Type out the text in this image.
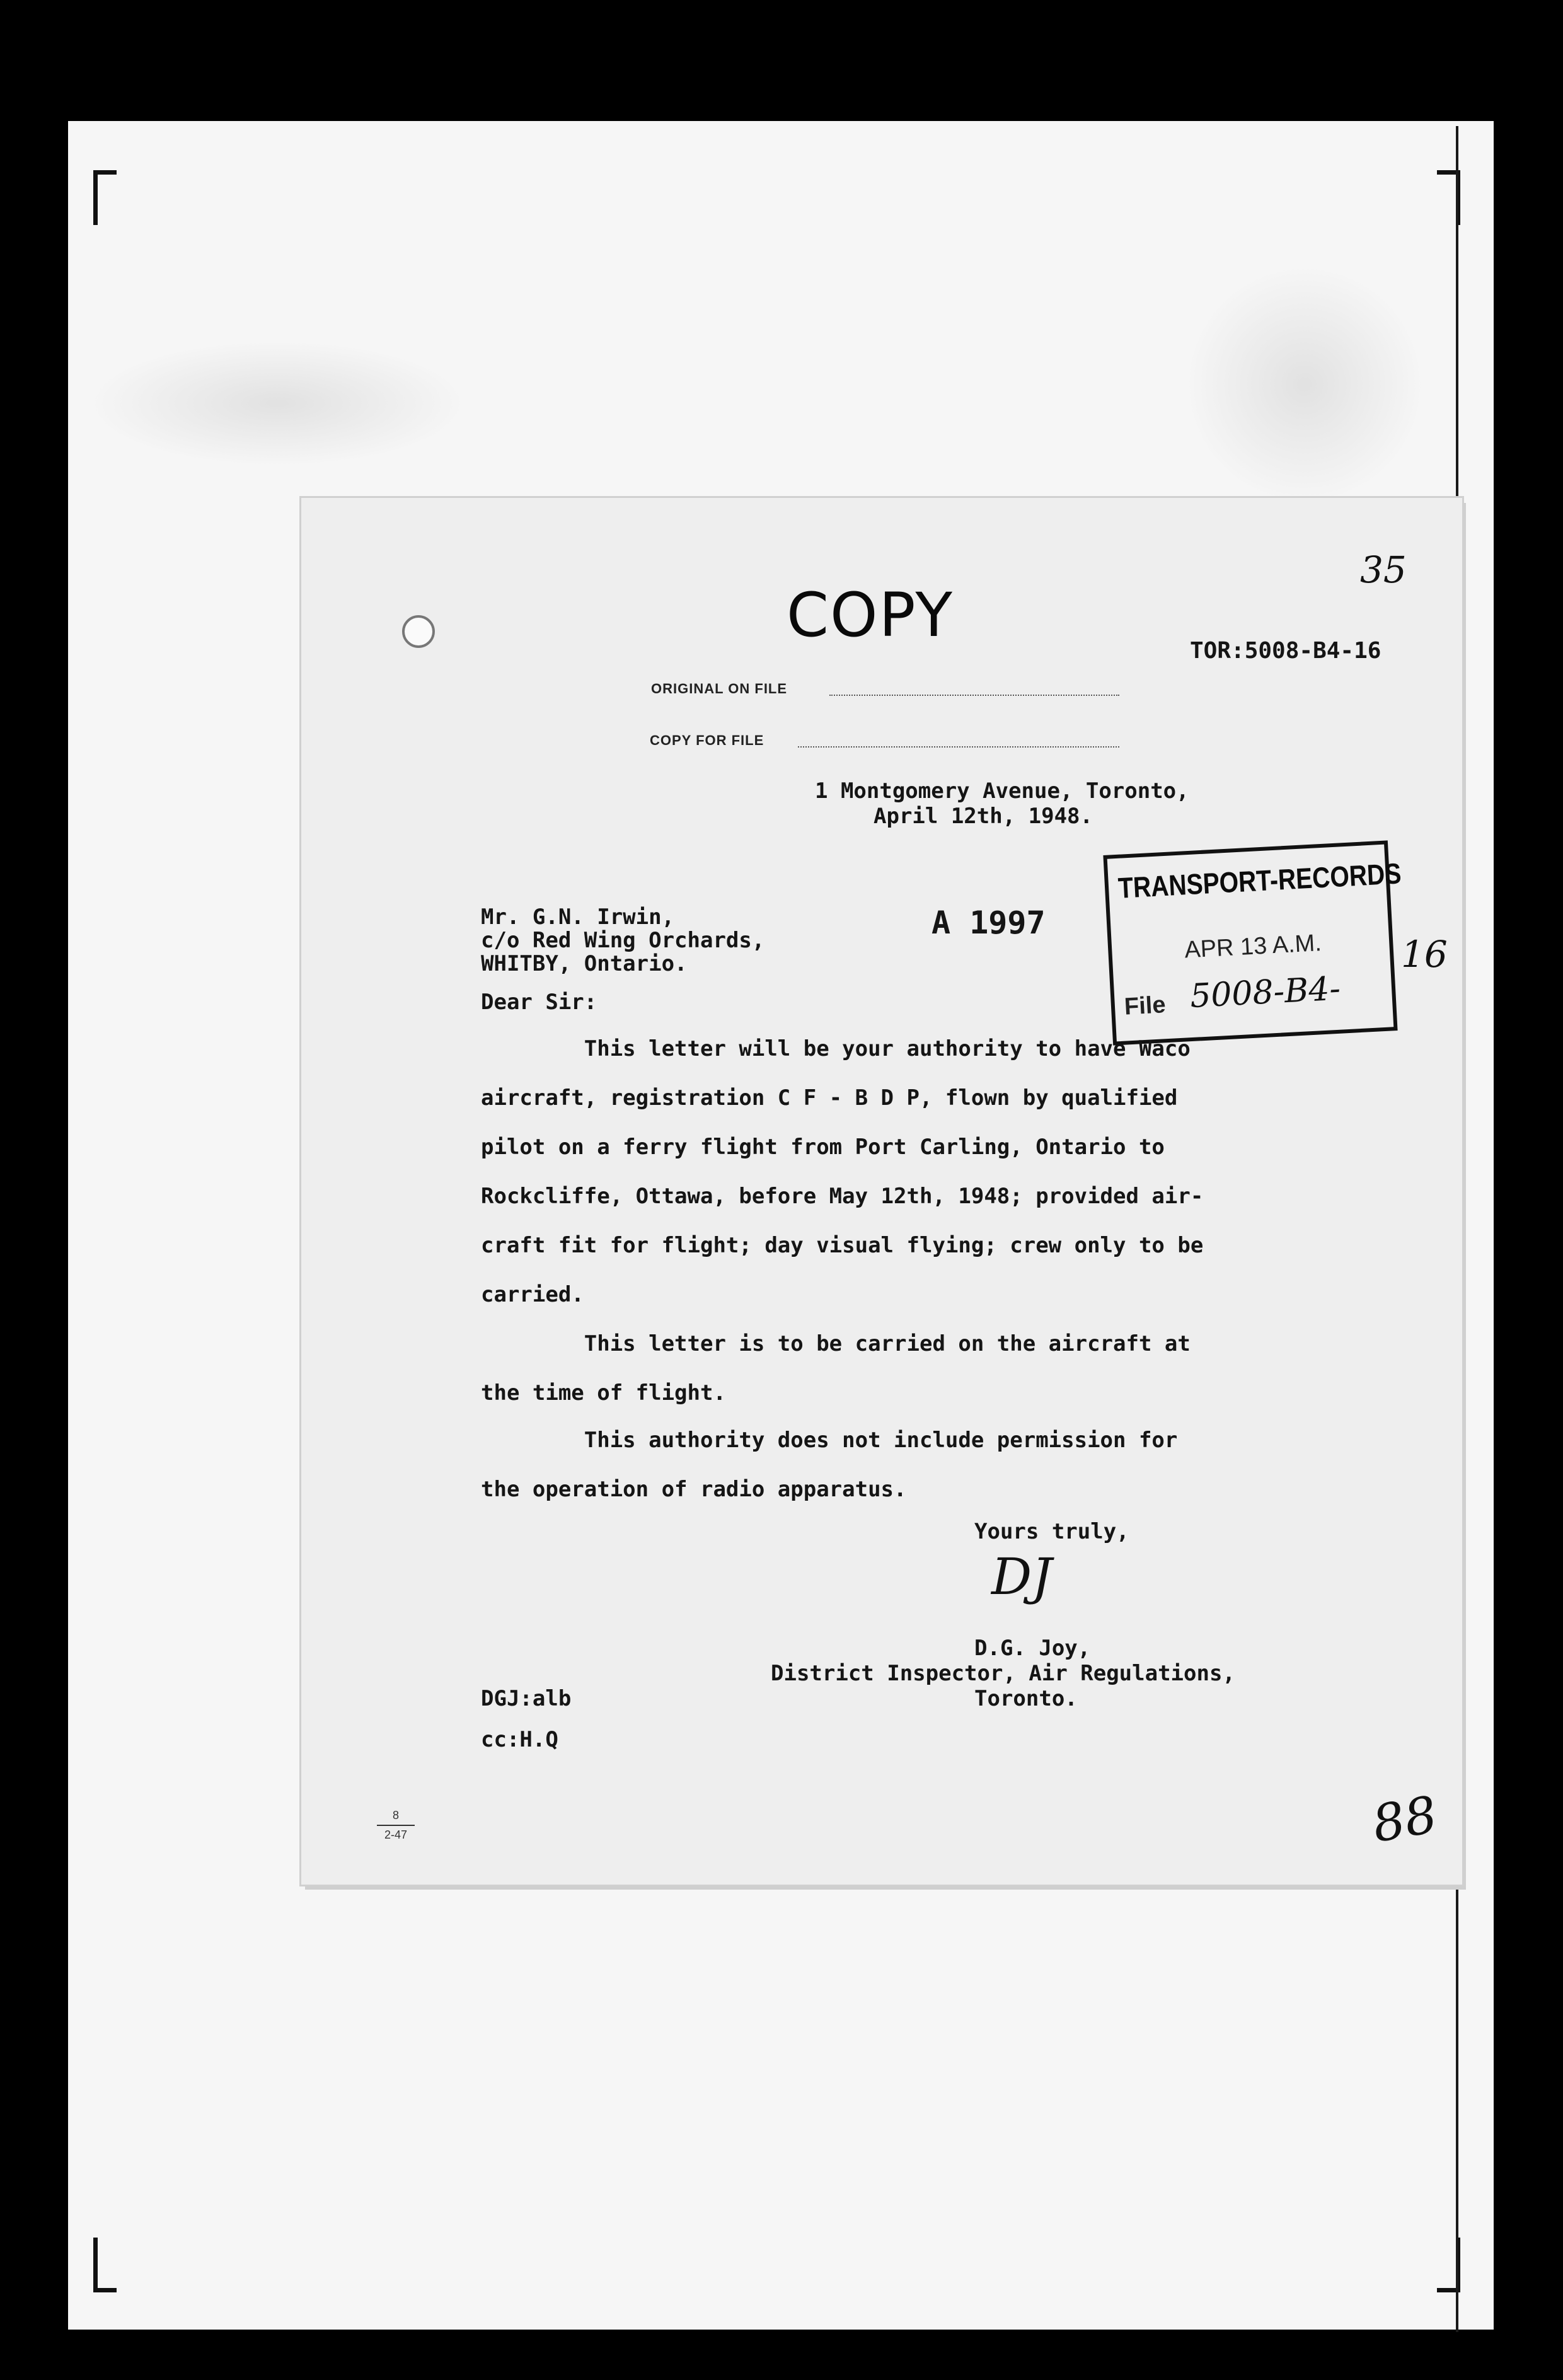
35
COPY
TOR:5008-B4-16
ORIGINAL ON FILE
COPY FOR FILE
1 Montgomery Avenue, Toronto,
April 12th, 1948.
Mr. G.N. Irwin,
c/o Red Wing Orchards,
WHITBY, Ontario.
A 1997
TRANSPORT-RECORDS
APR 13 A.M.
File 5008-B4-
16
Dear Sir:
This letter will be your authority to have Waco
aircraft, registration C F - B D P, flown by qualified
pilot on a ferry flight from Port Carling, Ontario to
Rockcliffe, Ottawa, before May 12th, 1948; provided air-
craft fit for flight; day visual flying; crew only to be
carried.
This letter is to be carried on the aircraft at
the time of flight.
This authority does not include permission for
the operation of radio apparatus.
Yours truly,
DJ
D.G. Joy,
District Inspector, Air Regulations,
Toronto.
DGJ:alb
cc:H.Q
8
2-47	88
